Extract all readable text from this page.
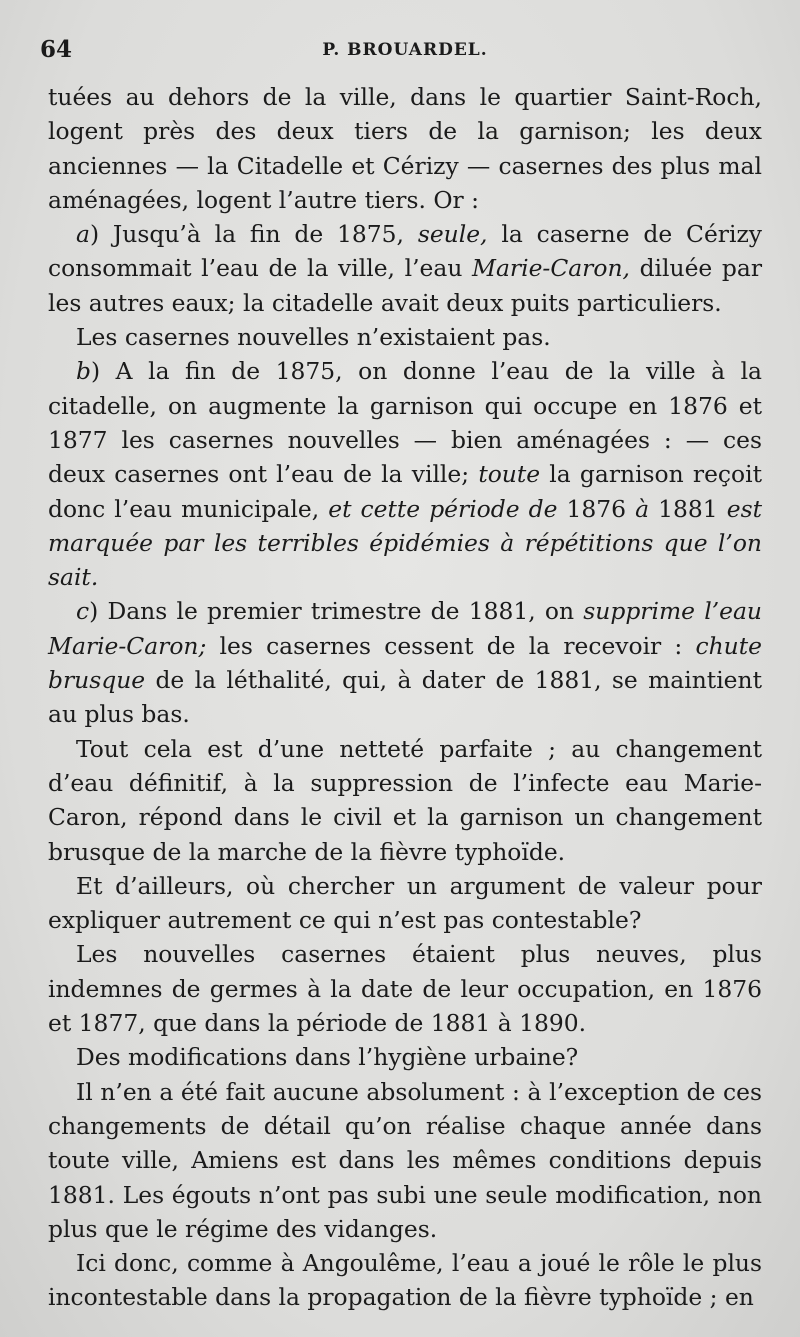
64	P. BROUARDEL.

tuées au dehors de la ville, dans le quartier Saint-Roch, logent près des deux tiers de la garnison; les deux anciennes — la Citadelle et Cérizy — casernes des plus mal aménagées, logent l’autre tiers. Or :

a) Jusqu’à la fin de 1875, seule, la caserne de Cérizy consommait l’eau de la ville, l’eau Marie-Caron, diluée par les autres eaux; la citadelle avait deux puits particuliers.

Les casernes nouvelles n’existaient pas.

b) A la fin de 1875, on donne l’eau de la ville à la citadelle, on augmente la garnison qui occupe en 1876 et 1877 les casernes nouvelles — bien aménagées : — ces deux casernes ont l’eau de la ville; toute la garnison reçoit donc l’eau municipale, et cette période de 1876 à 1881 est marquée par les terribles épidémies à répétitions que l’on sait.

c) Dans le premier trimestre de 1881, on supprime l’eau Marie-Caron; les casernes cessent de la recevoir : chute brusque de la léthalité, qui, à dater de 1881, se maintient au plus bas.

Tout cela est d’une netteté parfaite ; au changement d’eau définitif, à la suppression de l’infecte eau Marie-Caron, répond dans le civil et la garnison un changement brusque de la marche de la fièvre typhoïde.

Et d’ailleurs, où chercher un argument de valeur pour expliquer autrement ce qui n’est pas contestable?

Les nouvelles casernes étaient plus neuves, plus indemnes de germes à la date de leur occupation, en 1876 et 1877, que dans la période de 1881 à 1890.

Des modifications dans l’hygiène urbaine?

Il n’en a été fait aucune absolument : à l’exception de ces changements de détail qu’on réalise chaque année dans toute ville, Amiens est dans les mêmes conditions depuis 1881. Les égouts n’ont pas subi une seule modification, non plus que le régime des vidanges.

Ici donc, comme à Angoulême, l’eau a joué le rôle le plus incontestable dans la propagation de la fièvre typhoïde ; en
